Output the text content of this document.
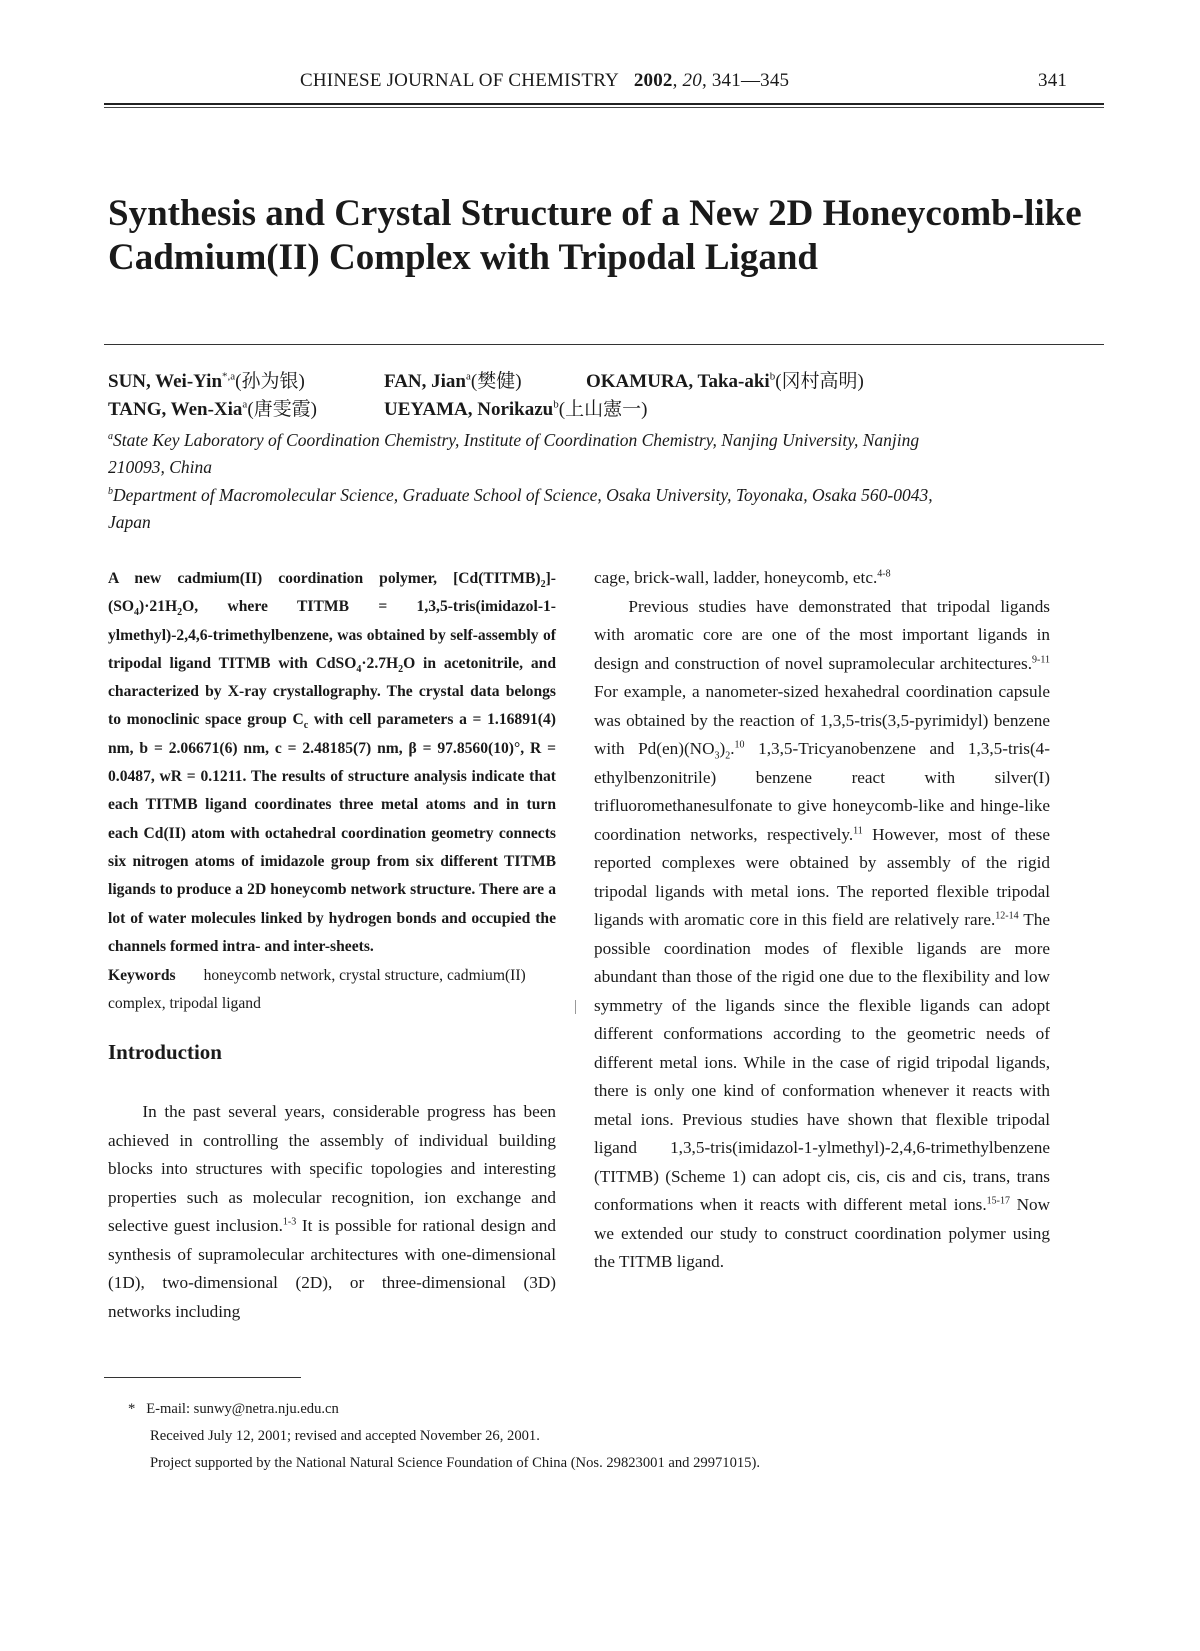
CHINESE JOURNAL OF CHEMISTRY 2002, 20, 341—345	341
Synthesis and Crystal Structure of a New 2D Honeycomb-like
Cadmium(II) Complex with Tripodal Ligand
SUN, Wei-Yin$^{*,a}$(孙为银)	FAN, Jian$^a$(樊健)	OKAMURA, Taka-aki$^b$(冈村高明)
TANG, Wen-Xia$^a$(唐雯霞)	UEYAMA, Norikazu$^b$(上山憲一)
$^a$State Key Laboratory of Coordination Chemistry, Institute of Coordination Chemistry, Nanjing University, Nanjing
210093, China
$^b$Department of Macromolecular Science, Graduate School of Science, Osaka University, Toyonaka, Osaka 560-0043,
Japan
A new cadmium(II) coordination polymer, $[Cd(TITMB)_2]-(SO_4)\cdot 21H_2O$, where TITMB = 1,3,5-tris(imidazol-1-ylmethyl)-2,4,6-trimethylbenzene, was obtained by self-assembly of tripodal ligand TITMB with $CdSO_4\cdot 2.7H_2O$ in acetonitrile, and characterized by X-ray crystallography. The crystal data belongs to monoclinic space group $C_c$ with cell parameters a = 1.16891(4) nm, b = 2.06671(6) nm, c = 2.48185(7) nm, β = 97.8560(10)°, R = 0.0487, wR = 0.1211. The results of structure analysis indicate that each TITMB ligand coordinates three metal atoms and in turn each Cd(II) atom with octahedral coordination geometry connects six nitrogen atoms of imidazole group from six different TITMB ligands to produce a 2D honeycomb network structure. There are a lot of water molecules linked by hydrogen bonds and occupied the channels formed intra- and inter-sheets.
Keywords honeycomb network, crystal structure, cadmium(II) complex, tripodal ligand
Introduction

In the past several years, considerable progress has been achieved in controlling the assembly of individual building blocks into structures with specific topologies and interesting properties such as molecular recognition, ion exchange and selective guest inclusion.$^{1-3}$ It is possible for rational design and synthesis of supramolecular architectures with one-dimensional (1D), two-dimensional (2D), or three-dimensional (3D) networks including

cage, brick-wall, ladder, honeycomb, etc.$^{4-8}$

Previous studies have demonstrated that tripodal ligands with aromatic core are one of the most important ligands in design and construction of novel supramolecular architectures.$^{9-11}$ For example, a nanometer-sized hexahedral coordination capsule was obtained by the reaction of 1,3,5-tris(3,5-pyrimidyl) benzene with $Pd(en)(NO_3)_2.^{10}$ 1,3,5-Tricyanobenzene and 1,3,5-tris(4-ethylbenzonitrile) benzene react with silver(I) trifluoromethanesulfonate to give honeycomb-like and hinge-like coordination networks, respectively.$^{11}$ However, most of these reported complexes were obtained by assembly of the rigid tripodal ligands with metal ions. The reported flexible tripodal ligands with aromatic core in this field are relatively rare.$^{12-14}$ The possible coordination modes of flexible ligands are more abundant than those of the rigid one due to the flexibility and low symmetry of the ligands since the flexible ligands can adopt different conformations according to the geometric needs of different metal ions. While in the case of rigid tripodal ligands, there is only one kind of conformation whenever it reacts with metal ions. Previous studies have shown that flexible tripodal ligand 1,3,5-tris(imidazol-1-ylmethyl)-2,4,6-trimethylbenzene (TITMB) (Scheme 1) can adopt cis, cis, cis and cis, trans, trans conformations when it reacts with different metal ions.$^{15-17}$ Now we extended our study to construct coordination polymer using the TITMB ligand.

* E-mail: sunwy@netra.nju.edu.cn
Received July 12, 2001; revised and accepted November 26, 2001.
Project supported by the National Natural Science Foundation of China (Nos. 29823001 and 29971015).
